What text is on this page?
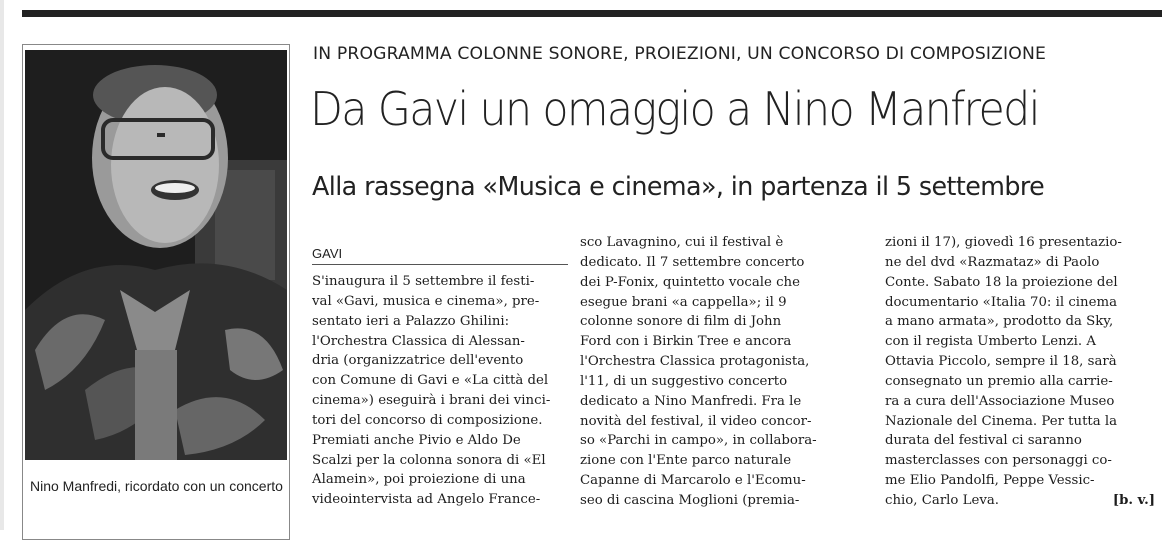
Nino Manfredi, ricordato con un concerto
IN PROGRAMMA COLONNE SONORE, PROIEZIONI, UN CONCORSO DI COMPOSIZIONE
Da Gavi un omaggio a Nino Manfredi
Alla rassegna «Musica e cinema», in partenza il 5 settembre
GAVI
S'inaugura il 5 settembre il festi-
val «Gavi, musica e cinema», pre-
sentato ieri a Palazzo Ghilini:
l'Orchestra Classica di Alessan-
dria (organizzatrice dell'evento
con Comune di Gavi e «La città del
cinema») eseguirà i brani dei vinci-
tori del concorso di composizione.
Premiati anche Pivio e Aldo De
Scalzi per la colonna sonora di «El
Alamein», poi proiezione di una
videointervista ad Angelo France-
sco Lavagnino, cui il festival è
dedicato. Il 7 settembre concerto
dei P-Fonix, quintetto vocale che
esegue brani «a cappella»; il 9
colonne sonore di film di John
Ford con i Birkin Tree e ancora
l'Orchestra Classica protagonista,
l'11, di un suggestivo concerto
dedicato a Nino Manfredi. Fra le
novità del festival, il video concor-
so «Parchi in campo», in collabora-
zione con l'Ente parco naturale
Capanne di Marcarolo e l'Ecomu-
seo di cascina Moglioni (premia-
zioni il 17), giovedì 16 presentazio-
ne del dvd «Razmataz» di Paolo
Conte. Sabato 18 la proiezione del
documentario «Italia 70: il cinema
a mano armata», prodotto da Sky,
con il regista Umberto Lenzi. A
Ottavia Piccolo, sempre il 18, sarà
consegnato un premio alla carrie-
ra a cura dell'Associazione Museo
Nazionale del Cinema. Per tutta la
durata del festival ci saranno
masterclasses con personaggi co-
me Elio Pandolfi, Peppe Vessic-
chio, Carlo Leva.	[b. v.]
